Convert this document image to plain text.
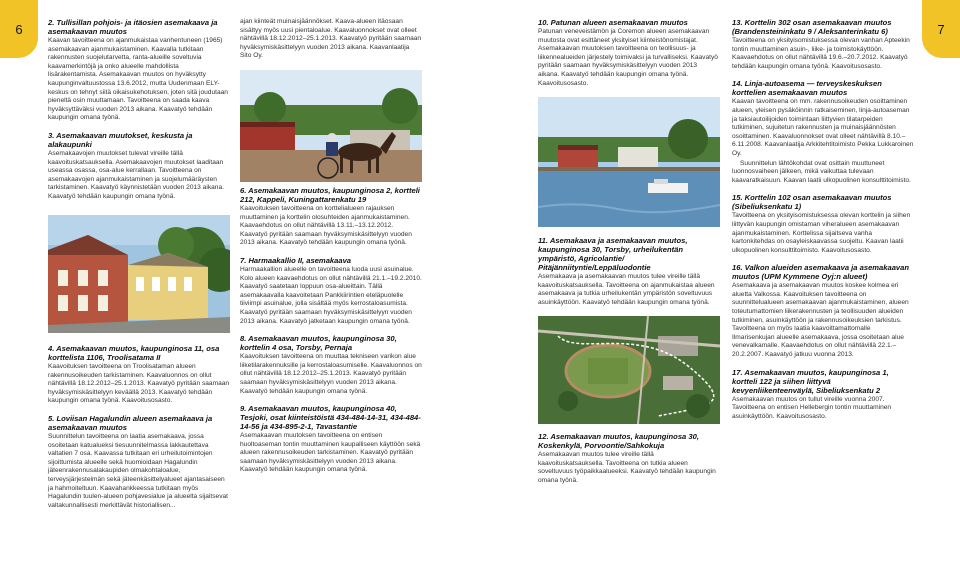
6	7

2. Tullisillan pohjois- ja itäosien asemakaava ja asemakaavan muutos

Kaavan tavoitteena on ajanmukaistaa vanhentuneen (1965) asemakaavan ajanmukaistaminen. Kaavalla tutkitaan rakennusten suojelutarvetta, ranta-alueille soveltuvia kaavamerkintöjä ja onko alueelle mahdollista lisärakentamista. Asemakaavan muutos on hyväksytty kaupunginvaltuustossa 13.6.2012, mutta Uudenmaan ELY-keskus on tehnyt siitä oikaisukehotuksen, joten sitä joudutaan pieneltä osin muuttamaan. Tavoitteena on saada kaava hyväksyttäväksi vuoden 2013 aikana. Kaavatyö tehdään kaupungin omana työnä.

3. Asemakaavan muutokset, keskusta ja alakaupunki

Asemakaavojen muutokset tulevat vireille tällä kaavoituskatsauksella. Asemakaavojen muutokset laaditaan useassa osassa, osa-alue kerrallaan. Tavoitteena on asemakaavojen ajanmukaistaminen ja suojelumääräysten tarkistaminen. Kaavatyö käynnistetään vuoden 2013 aikana. Kaavatyö tehdään kaupungin omana työnä.

4. Asemakaavan muutos, kaupunginosa 11, osa korttelista 1106, Troolisatama II

Kaavoituksen tavoitteena on Troolisataman alueen rakennusoikeuden tarkistaminen. Kaavaluonnos on ollut nähtävillä 18.12.2012–25.1.2013. Kaavatyö pyritään saamaan hyväksymiskäsittelyyn keväällä 2013. Kaavatyö tehdään kaupungin omana työnä. Kaavoitusosasto.

5. Loviisan Hagalundin alueen asemakaava ja asemakaavan muutos

Suunnittelun tavoitteena on laatia asemakaava, jossa osoitetaan katualueksi tiesuunnitelmassa lakkautettava valtatien 7 osa. Kaavassa tutkitaan eri urheilutoimintojen sijoittumista alueelle sekä huomioidaan Hagalundin jäteenrakennusalakaupiden olmakohtaloalue, terveysjärjestelmän sekä jäteenkäsittelyalueet ajantasaiseen ja hahmoiteltuun. Kaavahankkeessa tutkitaan myös Hagalundin tuulen-alueen pohjavesialue ja alueelta sijaitsevat valtakunnallisesti merkittävät historiallisen...

ajan kiinteät muinaisjäännökset. Kaava-alueen itäosaan sisältyy myös uusi pientaloalue. Kaavaluonnokset ovat olleet nähtävillä 18.12.2012–25.1.2013. Kaavatyö pyritään saamaan hyväksymiskäsittelyyn vuoden 2013 aikana. Kaavanlaatija Sito Oy.

6. Asemakaavan muutos, kaupunginosa 2, kortteli 212, Kappeli, Kuningattarenkatu 19

Kaavoituksen tavoitteena on korttelialueen rajauksen muuttaminen ja korttelin olosuhteiden ajanmukaistaminen. Kaavaehdotus on ollut nähtävillä 13.11.–13.12.2012. Kaavatyö pyritään saamaan hyväksymiskäsittelyyn vuoden 2013 aikana. Kaavatyö tehdään kaupungin omana työnä.

7. Harmaakallio II, asemakaava

Harmaakallion alueelle on tavoitteena luoda uusi asuinalue. Kolo alueen kaavaehdotus on ollut nähtävillä 21.1.–19.2.2010. Kaavatyö saatetaan loppuun osa-alueittain. Tällä asemakaavalla kaavoitetaan Pankkiirintien eteläpuolelle tiiviimpi asuinalue, jolla sisältää myös kerrostaloasumista. Kaavatyö pyritään saamaan hyväksymiskäsittelyyn vuoden 2013 aikana. Kaavatyö jatketaan kaupungin omana työnä.

8. Asemakaavan muutos, kaupunginosa 30, korttelin 4 osa, Torsby, Pernaja

Kaavoituksen tavoitteena on muuttaa tekniseen varikon alue liiketilarakennuksille ja kerrostaloasumiselle. Kaavaluonnos on ollut nähtävillä 18.12.2012–25.1.2013. Kaavatyö pyritään saamaan hyväksymiskäsittelyyn vuoden 2013 aikana. Kaavatyö tehdään kaupungin omana työnä.

9. Asemakaavan muutos, kaupunginosa 40, Tesjoki, osat kiinteistöistä 434-484-14-31, 434-484-14-56 ja 434-895-2-1, Tavastantie

Asemakaavan muutoksen tavoitteena on entisen huoltoaseman tontin muuttaminen kaupalliseen käyttöön sekä alueen rakennusoikeuden tarkistaminen. Kaavatyö pyritään saamaan hyväksymiskäsittelyyn vuoden 2013 aikana. Kaavatyö tehdään kaupungin omana työnä.

10. Patunan alueen asemakaavan muutos

Patunan veneveistämön ja Coremon alueen asemakaavan muutosta ovat esittäneet yksityiset kiinteistönomistajat. Asemakaavan muutoksen tavoitteena on teollisuus- ja liikennealueiden järjestely toimivaksi ja turvalliseksi. Kaavatyö pyritään saamaan hyväksymiskäsittelyyn vuoden 2013 aikana. Kaavatyö tehdään kaupungin omana työnä. Kaavoitusosasto.

11. Asemakaava ja asemakaavan muutos, kaupunginosa 30, Torsby, urheilukentän ympäristö, Agricolantie/ Pitäjänniityntie/Leppäluodontie

Asemakaava ja asemakaavan muutos tulee vireille tällä kaavoituskatsauksella. Tavoitteena on ajanmukaistaa alueen asemakaava ja tutkia urheilukentän ympäristön soveltuvuus asuinkäyttöön. Kaavatyö tehdään kaupungin omana työnä.

12. Asemakaavan muutos, kaupunginosa 30, Koskenkylä, Porvoontie/Sahkokuja

Asemakaavan muutos tulee vireille tällä kaavoituskatsauksella. Tavoitteena on tutkia alueen soveltuvuus työpaikkaalueeksi. Kaavatyö tehdään kaupungin omana työnä.

13. Korttelin 302 osan asemakaavan muutos (Brandensteininkatu 9 / Aleksanterinkatu 6)

Tavoitteena on yksityisomistuksessa olevan vanhan Apteekin tontin muuttaminen asuin-, liike- ja toimistokäyttöön. Kaavaehdotus on ollut nähtävillä 19.6.–20.7.2012. Kaavatyö tehdään kaupungin omana työnä. Kaavoitusosasto.

14. Linja-autoasema — terveyskeskuksen korttelien asemakaavan muutos

Kaavan tavoitteena on mm. rakennusoikeuden osoittaminen alueen, yleisen pysäköinnin ratkaiseminen, linja-autoaseman ja taksiautoilijoiden toimintaan liittyvien tilatarpeiden tutkiminen, sujuitetun rakennusten ja muinaisjäännösten osoittaminen. Kaavaluonnokset ovat olleet nähtävillä 8.10.–6.11.2008. Kaavanlaatija Arkkitehtitoimisto Pekka Lukkaroinen Oy.

Suunnittelun lähtökohdat ovat osittain muuttuneet luonnosvaiheen jälkeen, mikä vaikuttaa tulevaan kaavaratkaisuun. Kaavan laatii ulkopuolinen konsulttitoimisto.

15. Korttelin 102 osan asemakaavan muutos (Sibeliuksenkatu 1)

Tavoitteena on yksityisomistuksessa olevan korttelin ja siihen liittyvän kaupungin omistaman viheralueen asemakaavan ajanmukaistaminen. Korttelissa sijaitseva vanha kartonkitehdas on osayleiskaavassa suojeltu. Kaavan laatii ulkopuolinen konsulttitoimisto. Kaavoitusosasto.

16. Valkon alueiden asemakaava ja asemakaavan muutos (UPM Kymmene Oyj:n alueet)

Asemakaava ja asemakaavan muutos koskee kolmea eri aluetta Valkossa. Kaavoituksen tavoitteena on suunnittelualueen asemakaavan ajanmukaistaminen, alueen toteutumattomien liikerakennusten ja teollisuuden alueiden tutkiminen, asuinkäyttöön ja rakennusoikeuksien tarkistus. Tavoitteena on myös laatia kaavoittamattomalle Ilmarisenkujan alueelle asemakaava, jossa osoitetaan alue venevalkamalle. Kaavaehdotus on ollut nähtävillä 22.1.–20.2.2007. Kaavatyö jatkuu vuonna 2013.

17. Asemakaavan muutos, kaupunginosa 1, kortteli 122 ja siihen liittyvä kevyenliikenteenväylä, Sibeliuksenkatu 2

Asemakaavan muutos on tullut vireille vuonna 2007. Tavoitteena on entisen Hellebergin tontin muuttaminen asuinkäyttöön. Kaavoitusosasto.
